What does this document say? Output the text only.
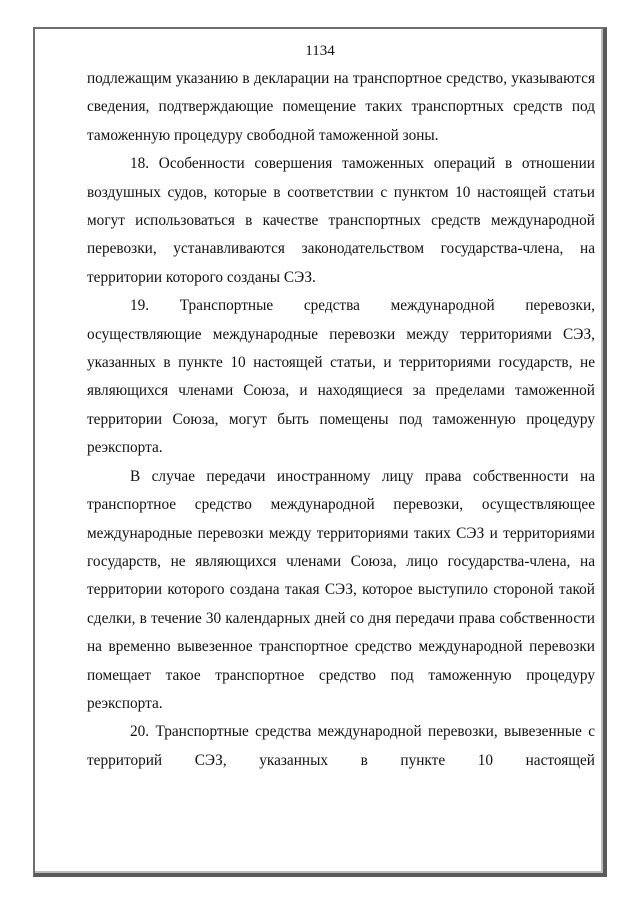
1134

подлежащим указанию в декларации на транспортное средство, указываются сведения, подтверждающие помещение таких транспортных средств под таможенную процедуру свободной таможенной зоны.

18. Особенности совершения таможенных операций в отношении воздушных судов, которые в соответствии с пунктом 10 настоящей статьи могут использоваться в качестве транспортных средств международной перевозки, устанавливаются законодательством государства-члена, на территории которого созданы СЭЗ.

19. Транспортные средства международной перевозки, осуществляющие международные перевозки между территориями СЭЗ, указанных в пункте 10 настоящей статьи, и территориями государств, не являющихся членами Союза, и находящиеся за пределами таможенной территории Союза, могут быть помещены под таможенную процедуру реэкспорта.

В случае передачи иностранному лицу права собственности на транспортное средство международной перевозки, осуществляющее международные перевозки между территориями таких СЭЗ и территориями государств, не являющихся членами Союза, лицо государства-члена, на территории которого создана такая СЭЗ, которое выступило стороной такой сделки, в течение 30 календарных дней со дня передачи права собственности на временно вывезенное транспортное средство международной перевозки помещает такое транспортное средство под таможенную процедуру реэкспорта.

20. Транспортные средства международной перевозки, вывезенные с территорий СЭЗ, указанных в пункте 10 настоящей
